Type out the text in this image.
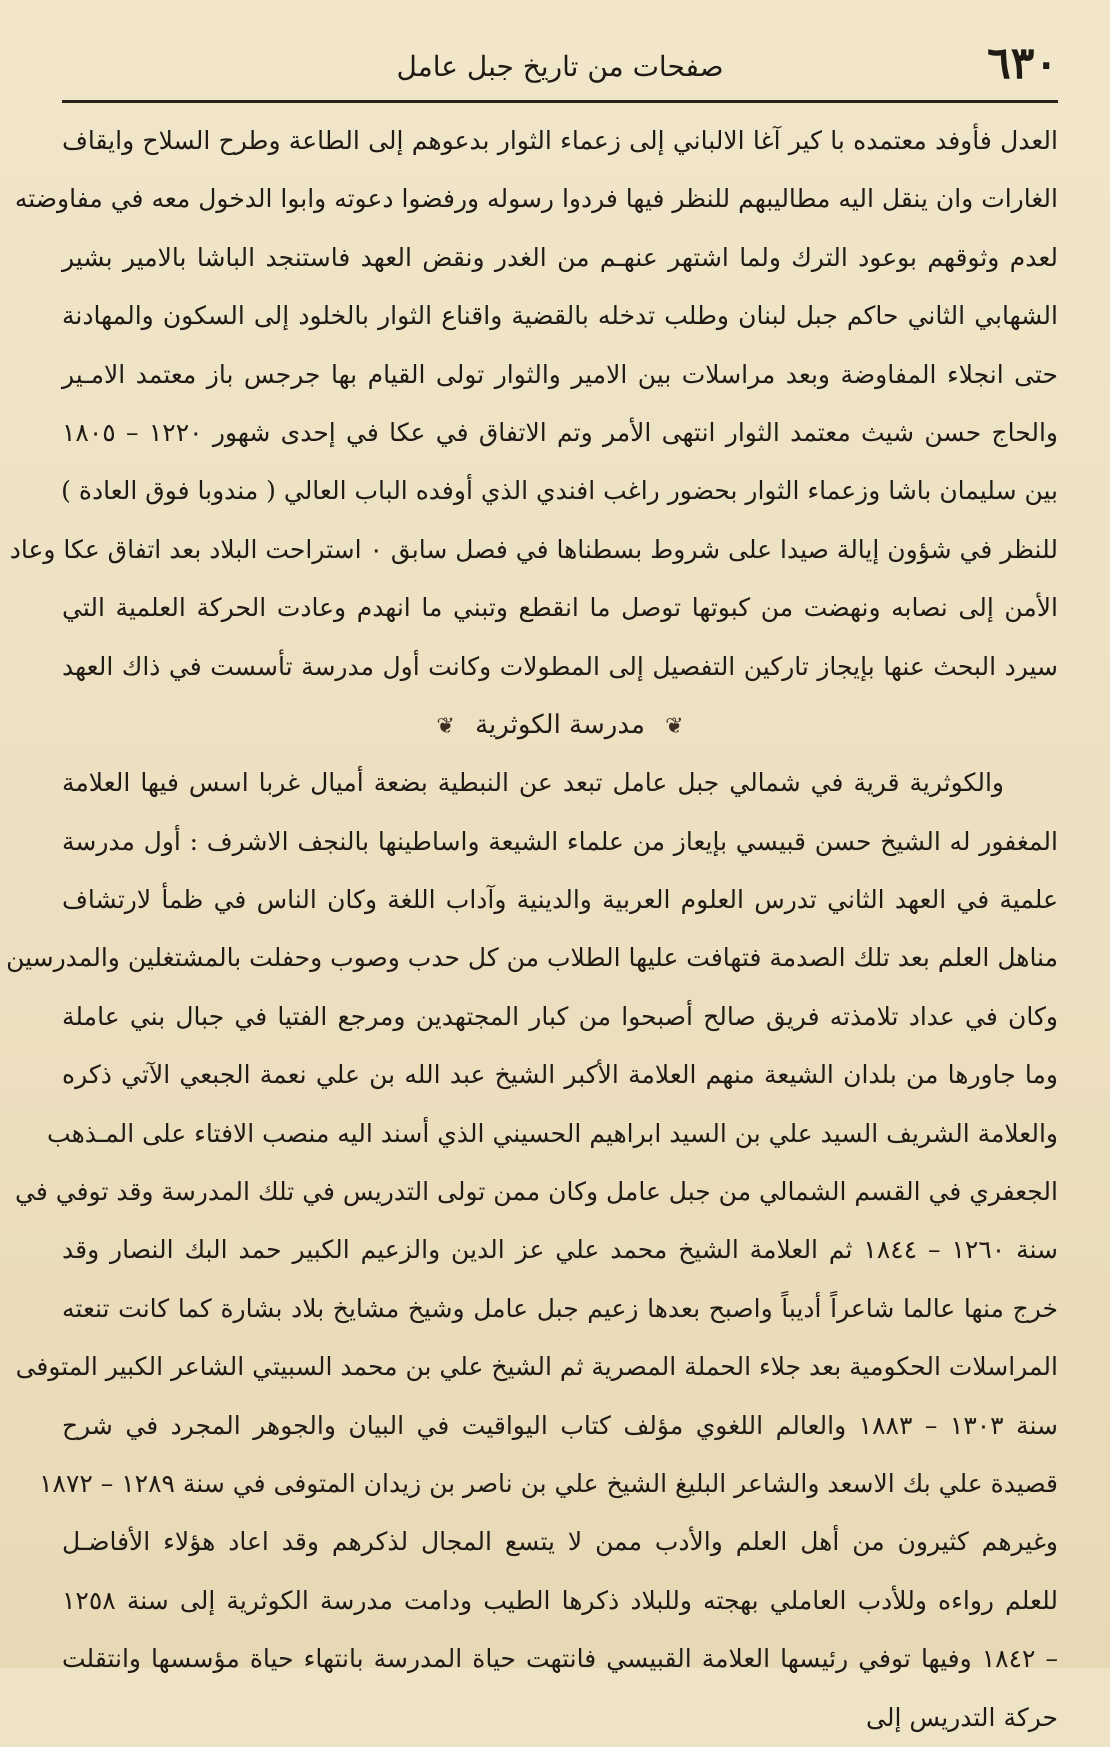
٦٣٠
صفحات من تاريخ جبل عامل
العدل فأوفد معتمده با كير آغا الالباني إلى زعماء الثوار بدعوهم إلى الطاعة وطرح السلاح وايقاف
الغارات وان ينقل اليه مطاليبهم للنظر فيها فردوا رسوله ورفضوا دعوته وابوا الدخول معه في مفاوضته
لعدم وثوقهم بوعود الترك ولما اشتهر عنهـم من الغدر ونقض العهد فاستنجد الباشا بالامير بشير
الشهابي الثاني حاكم جبل لبنان وطلب تدخله بالقضية واقناع الثوار بالخلود إلى السكون والمهادنة
حتى انجلاء المفاوضة وبعد مراسلات بين الامير والثوار تولى القيام بها جرجس باز معتمد الامـير
والحاج حسن شيث معتمد الثوار انتهى الأمر وتم الاتفاق في عكا في إحدى شهور ١٢٢٠ – ١٨٠٥
بين سليمان باشا وزعماء الثوار بحضور راغب افندي الذي أوفده الباب العالي ( مندوبا فوق العادة )
للنظر في شؤون إيالة صيدا على شروط بسطناها في فصل سابق ٠ استراحت البلاد بعد اتفاق عكا وعاد
الأمن إلى نصابه ونهضت من كبوتها توصل ما انقطع وتبني ما انهدم وعادت الحركة العلمية التي
سيرد البحث عنها بإيجاز تاركين التفصيل إلى المطولات وكانت أول مدرسة تأسست في ذاك العهد
❦ مدرسة الكوثرية ❦
والكوثرية قرية في شمالي جبل عامل تبعد عن النبطية بضعة أميال غربا اسس فيها العلامة
المغفور له الشيخ حسن قبيسي بإيعاز من علماء الشيعة واساطينها بالنجف الاشرف : أول مدرسة
علمية في العهد الثاني تدرس العلوم العربية والدينية وآداب اللغة وكان الناس في ظمأ لارتشاف
مناهل العلم بعد تلك الصدمة فتهافت عليها الطلاب من كل حدب وصوب وحفلت بالمشتغلين والمدرسين
وكان في عداد تلامذته فريق صالح أصبحوا من كبار المجتهدين ومرجع الفتيا في جبال بني عاملة
وما جاورها من بلدان الشيعة منهم العلامة الأكبر الشيخ عبد الله بن علي نعمة الجبعي الآتي ذكره
والعلامة الشريف السيد علي بن السيد ابراهيم الحسيني الذي أسند اليه منصب الافتاء على المـذهب
الجعفري في القسم الشمالي من جبل عامل وكان ممن تولى التدريس في تلك المدرسة وقد توفي في
سنة ١٢٦٠ – ١٨٤٤ ثم العلامة الشيخ محمد علي عز الدين والزعيم الكبير حمد البك النصار وقد
خرج منها عالما شاعراً أديباً واصبح بعدها زعيم جبل عامل وشيخ مشايخ بلاد بشارة كما كانت تنعته
المراسلات الحكومية بعد جلاء الحملة المصرية ثم الشيخ علي بن محمد السبيتي الشاعر الكبير المتوفى
سنة ١٣٠٣ – ١٨٨٣ والعالم اللغوي مؤلف كتاب اليواقيت في البيان والجوهر المجرد في شرح
قصيدة علي بك الاسعد والشاعر البليغ الشيخ علي بن ناصر بن زيدان المتوفى في سنة ١٢٨٩ – ١٨٧٢
وغيرهم كثيرون من أهل العلم والأدب ممن لا يتسع المجال لذكرهم وقد اعاد هؤلاء الأفاضـل
للعلم رواءه وللأدب العاملي بهجته وللبلاد ذكرها الطيب ودامت مدرسة الكوثرية إلى سنة ١٢٥٨
– ١٨٤٢ وفيها توفي رئيسها العلامة القبيسي فانتهت حياة المدرسة بانتهاء حياة مؤسسها وانتقلت
حركة التدريس إلى
